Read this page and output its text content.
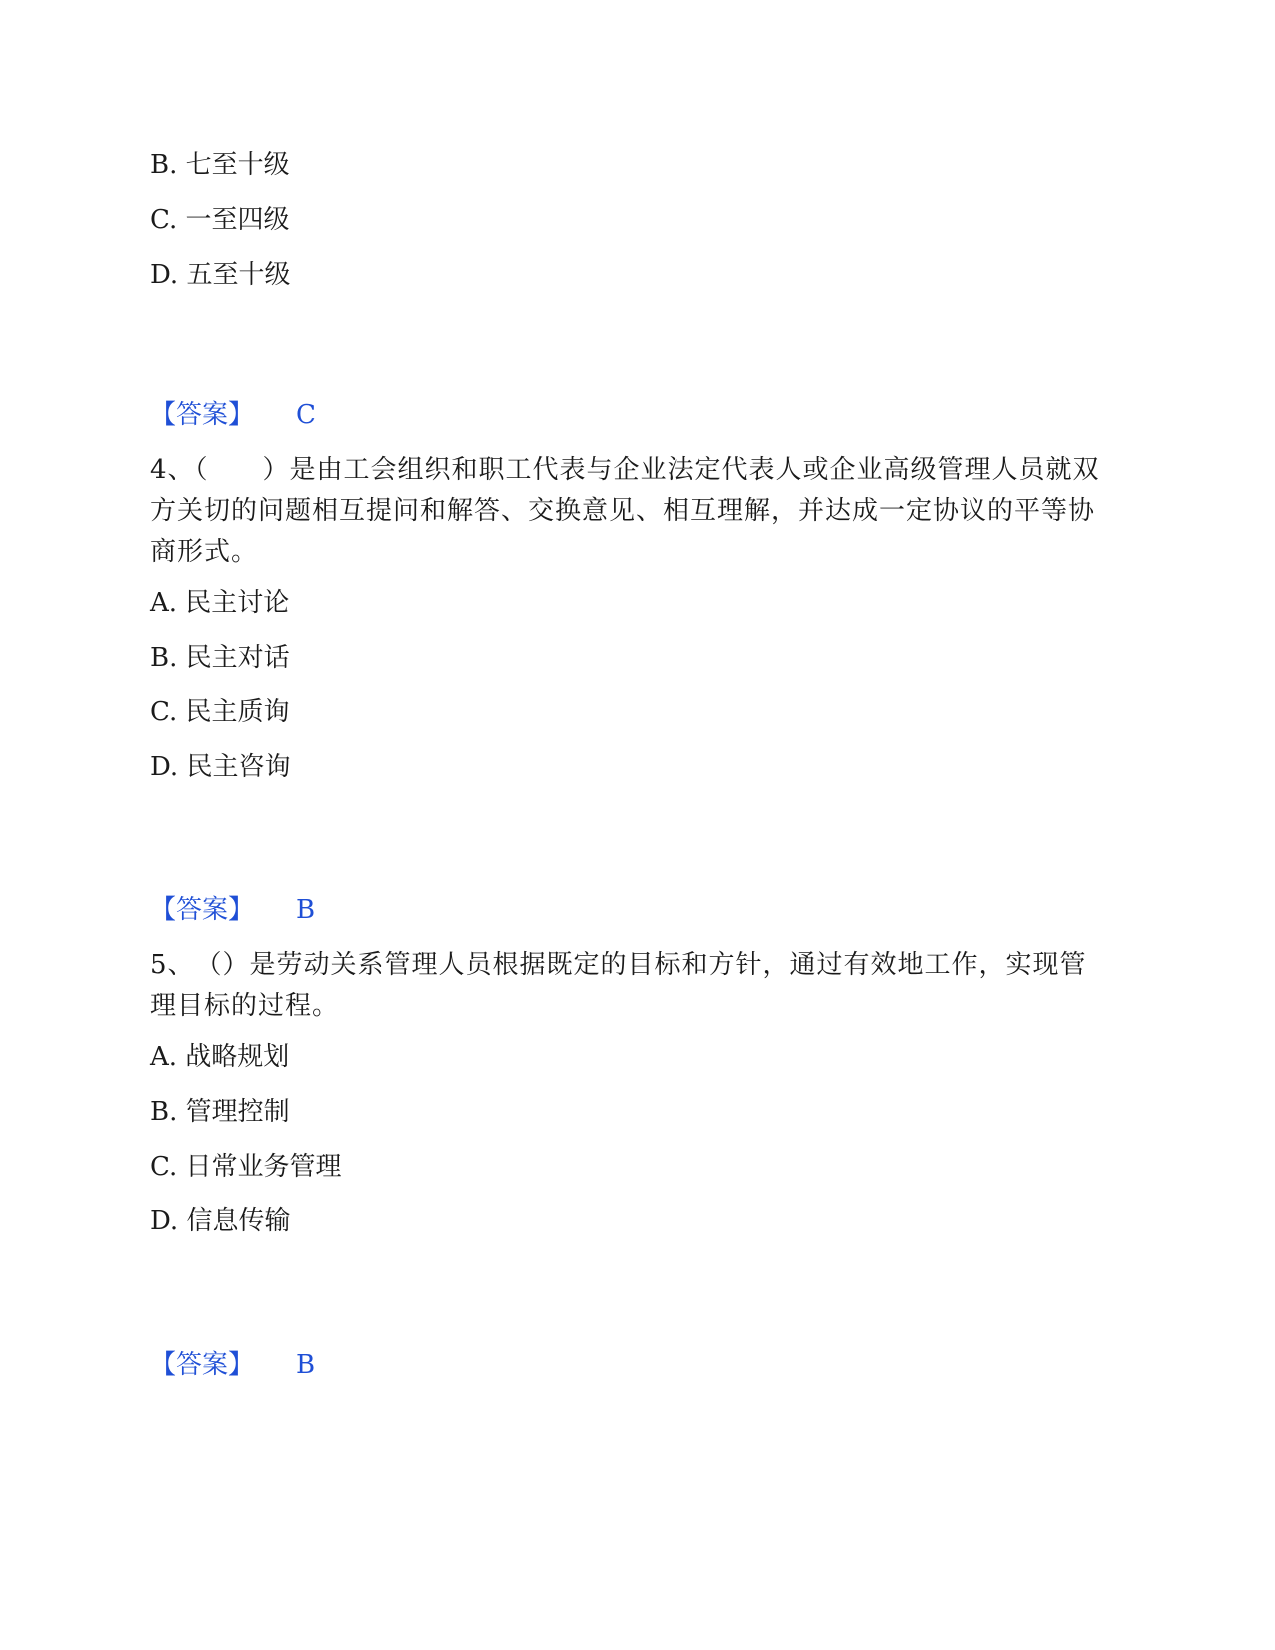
B. 七至十级
C. 一至四级
D. 五至十级
【答案】 C
4、（　　）是由工会组织和职工代表与企业法定代表人或企业高级管理人员就双方关切的问题相互提问和解答、交换意见、相互理解，并达成一定协议的平等协商形式。
A. 民主讨论
B. 民主对话
C. 民主质询
D. 民主咨询
【答案】 B
5、　（）是劳动关系管理人员根据既定的目标和方针，通过有效地工作，实现管理目标的过程。
A. 战略规划
B. 管理控制
C. 日常业务管理
D. 信息传输
【答案】 B
